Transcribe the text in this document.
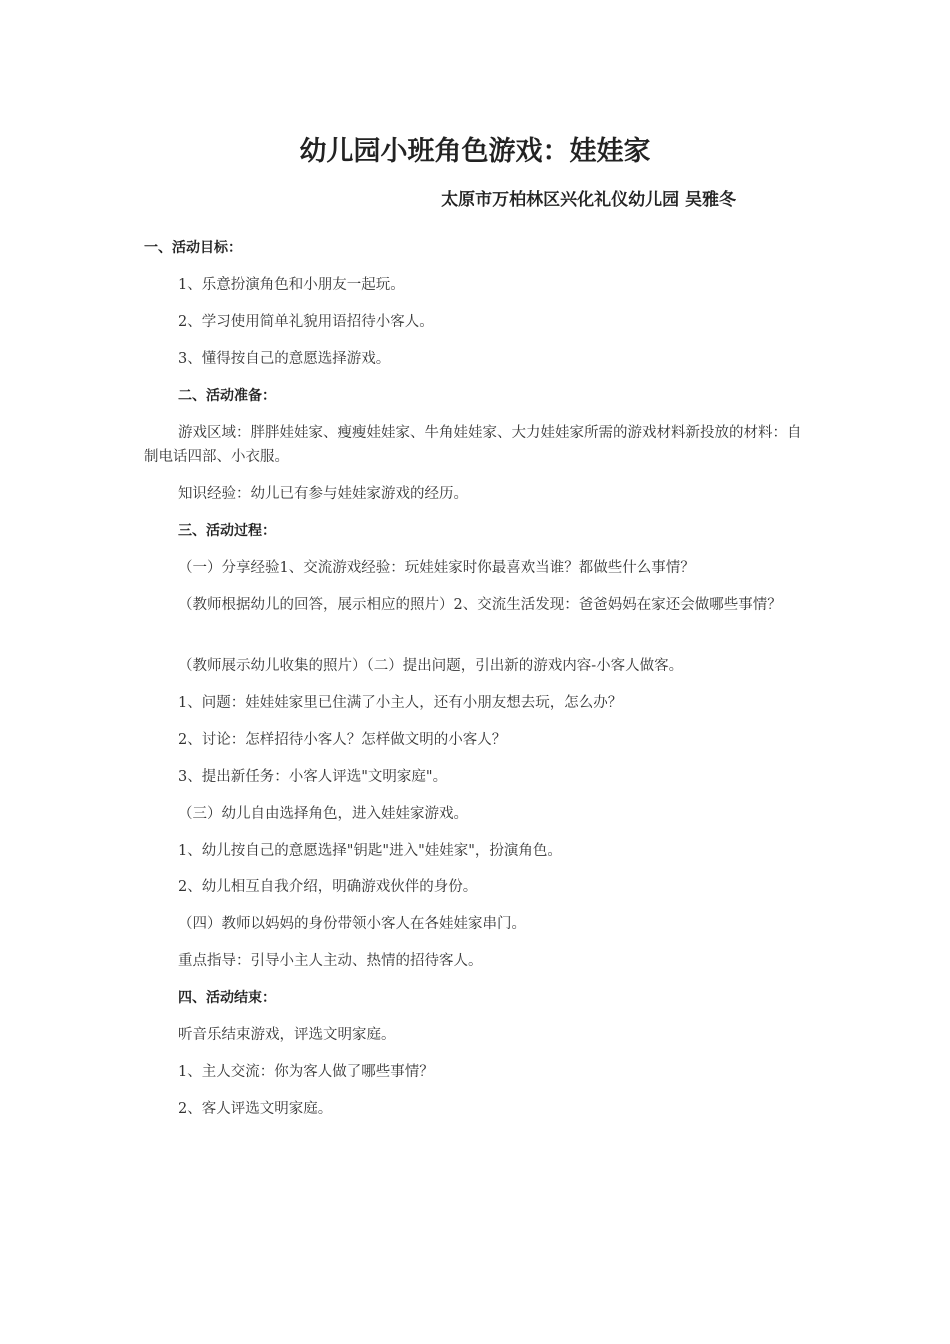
幼儿园小班角色游戏：娃娃家
太原市万柏林区兴化礼仪幼儿园 吴雅冬
一、活动目标：
1、乐意扮演角色和小朋友一起玩。
2、学习使用简单礼貌用语招待小客人。
3、懂得按自己的意愿选择游戏。
二、活动准备：
游戏区域：胖胖娃娃家、瘦瘦娃娃家、牛角娃娃家、大力娃娃家所需的游戏材料新投放的材料：自制电话四部、小衣服。
知识经验：幼儿已有参与娃娃家游戏的经历。
三、活动过程：
（一）分享经验1、交流游戏经验：玩娃娃家时你最喜欢当谁？都做些什么事情？
（教师根据幼儿的回答，展示相应的照片）2、交流生活发现：爸爸妈妈在家还会做哪些事情？
（教师展示幼儿收集的照片）（二）提出问题，引出新的游戏内容-小客人做客。
1、问题：娃娃娃家里已住满了小主人，还有小朋友想去玩，怎么办？
2、讨论：怎样招待小客人？怎样做文明的小客人？
3、提出新任务：小客人评选"文明家庭"。
（三）幼儿自由选择角色，进入娃娃家游戏。
1、幼儿按自己的意愿选择"钥匙"进入"娃娃家"，扮演角色。
2、幼儿相互自我介绍，明确游戏伙伴的身份。
（四）教师以妈妈的身份带领小客人在各娃娃家串门。
重点指导：引导小主人主动、热情的招待客人。
四、活动结束：
听音乐结束游戏，评选文明家庭。
1、主人交流：你为客人做了哪些事情？
2、客人评选文明家庭。
